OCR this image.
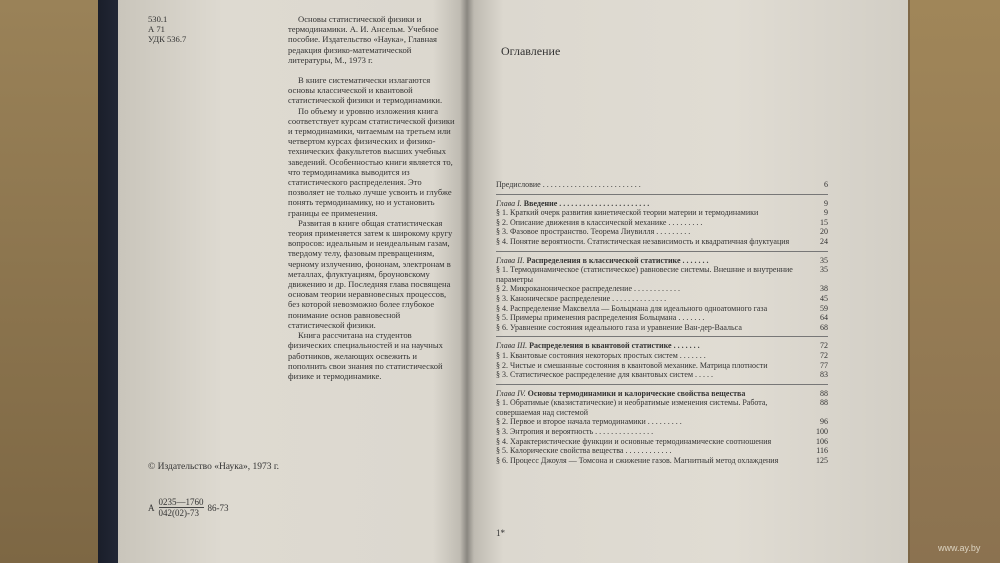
530.1
А 71
УДК 536.7

Основы статистической физики и термодинамики. А. И. Ансельм. Учебное пособие. Издательство «Наука», Главная редакция физико-математической литературы, М., 1973 г.

В книге систематически излагаются основы классической и квантовой статистической физики и термодинамики.

По объему и уровню изложения книга соответствует курсам статистической физики и термодинамики, читаемым на третьем или четвертом курсах физических и физико-технических факультетов высших учебных заведений. Особенностью книги является то, что термодинамика выводится из статистического распределения. Это позволяет не только лучше усвоить и глубже понять термодинамику, но и установить границы ее применения.

Развитая в книге общая статистическая теория применяется затем к широкому кругу вопросов: идеальным и неидеальным газам, твердому телу, фазовым превращениям, черному излучению, фононам, электронам в металлах, флуктуациям, броуновскому движению и др. Последняя глава посвящена основам теории неравновесных процессов, без которой невозможно более глубокое понимание основ равновесной статистической физики.

Книга рассчитана на студентов физических специальностей и на научных работников, желающих освежить и пополнить свои знания по статистической физике и термодинамике.

© Издательство «Наука», 1973 г.
А
0235—1760
042(02)-73
86-73
Оглавление
Предисловие . . . . . . . . . . . . . . . . . . . . . . . . .	6
Глава I. Введение . . . . . . . . . . . . . . . . . . . . . . .	9
§ 1. Краткий очерк развития кинетической теории материи и термодинамики	9
§ 2. Описание движения в классической механике . . . . . . . . .	15
§ 3. Фазовое пространство. Теорема Лиувилля . . . . . . . . .	20
§ 4. Понятие вероятности. Статистическая независимость и квадратичная флуктуация	24
Глава II. Распределения в классической статистике . . . . . . .	35
§ 1. Термодинамическое (статистическое) равновесие системы. Внешние и внутренние параметры
35
§ 2. Микроканоническое распределение . . . . . . . . . . . .	38
§ 3. Каноническое распределение . . . . . . . . . . . . . .	45
§ 4. Распределение Максвелла — Больцмана для идеального одноатомного газа	59
§ 5. Примеры применения распределения Больцмана . . . . . . .	64
§ 6. Уравнение состояния идеального газа и уравнение Ван-дер-Ваальса	68
Глава III. Распределения в квантовой статистике . . . . . . .	72
§ 1. Квантовые состояния некоторых простых систем . . . . . . .	72
§ 2. Чистые и смешанные состояния в квантовой механике. Матрица плотности	77
§ 3. Статистическое распределение для квантовых систем . . . . .	83
Глава IV. Основы термодинамики и калорические свойства вещества	88
§ 1. Обратимые (квазистатические) и необратимые изменения системы. Работа, совершаемая над системой
88
§ 2. Первое и второе начала термодинамики . . . . . . . . .	96
§ 3. Энтропия и вероятность . . . . . . . . . . . . . . .	100
§ 4. Характеристические функции и основные термодинамические соотношения	106
§ 5. Калорические свойства вещества . . . . . . . . . . . .	116
§ 6. Процесс Джоуля — Томсона и сжижение газов. Магнитный метод охлаждения	125
1*
www.ay.by
